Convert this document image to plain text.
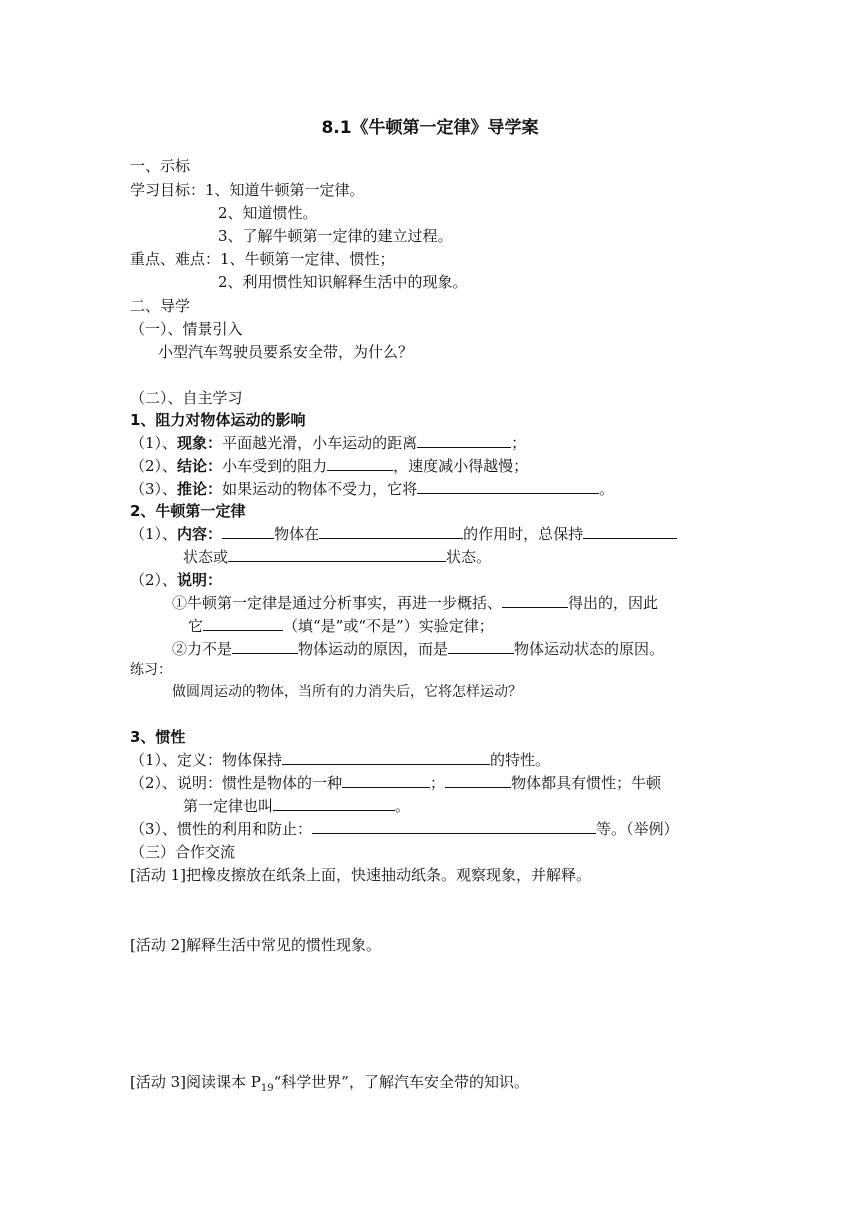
8.1《牛顿第一定律》导学案
一、示标
学习目标：1、知道牛顿第一定律。
2、知道惯性。
3、了解牛顿第一定律的建立过程。
重点、难点：1、牛顿第一定律、惯性；
2、利用惯性知识解释生活中的现象。
二、导学
（一）、情景引入
小型汽车驾驶员要系安全带，为什么？
（二）、自主学习
1、阻力对物体运动的影响
（1）、现象：平面越光滑，小车运动的距离	；
（2）、结论：小车受到的阻力	，速度减小得越慢；
（3）、推论：如果运动的物体不受力，它将	。
2、牛顿第一定律
（1）、内容：	物体在	的作用时，总保持
状态或	状态。
（2）、说明：
①牛顿第一定律是通过分析事实，再进一步概括、	得出的，因此
它	（填“是”或“不是”）实验定律；
②力不是	物体运动的原因，而是	物体运动状态的原因。
练习：
做圆周运动的物体，当所有的力消失后，它将怎样运动？
3、惯性
（1）、定义：物体保持	的特性。
（2）、说明：惯性是物体的一种	；	物体都具有惯性；牛顿
第一定律也叫	。
（3）、惯性的利用和防止：	等。（举例）
（三）合作交流
[活动 1]把橡皮擦放在纸条上面，快速抽动纸条。观察现象，并解释。
[活动 2]解释生活中常见的惯性现象。
[活动 3]阅读课本 $P_{19}“$科学世界”，了解汽车安全带的知识。
